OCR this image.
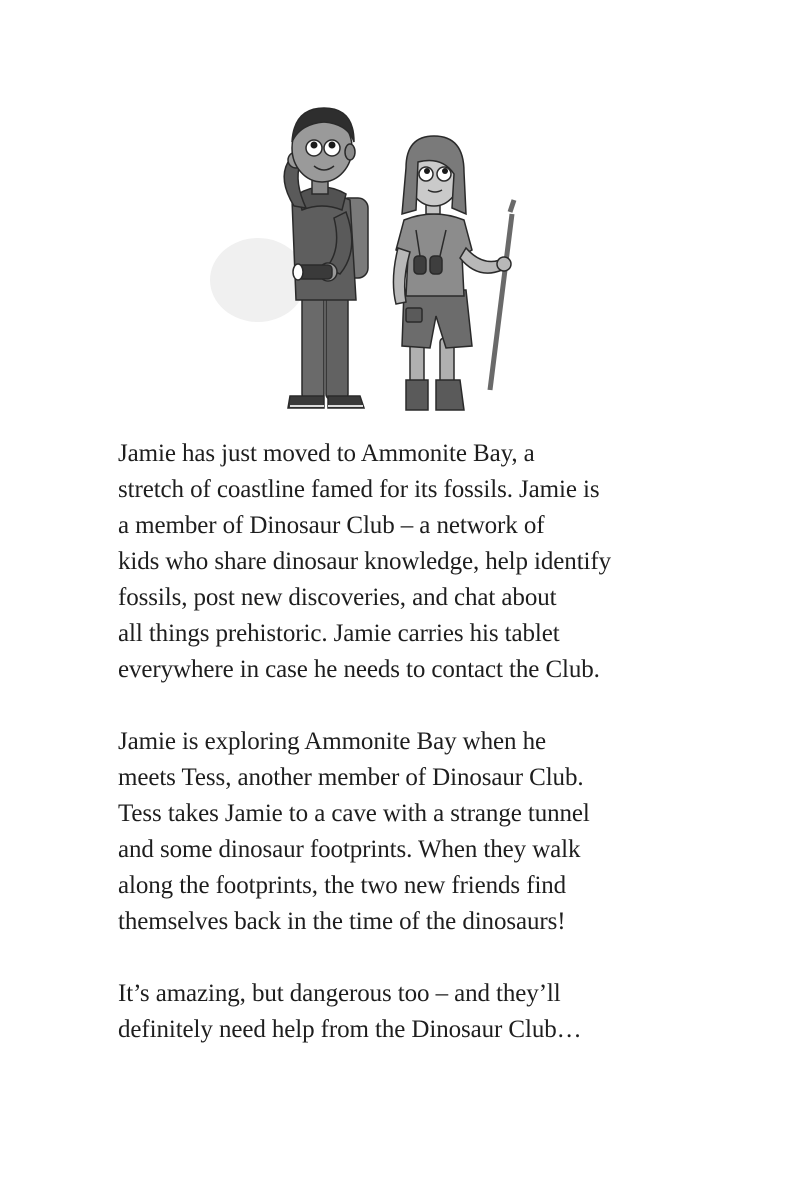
Jamie has just moved to Ammonite Bay, a
stretch of coastline famed for its fossils. Jamie is
a member of Dinosaur Club – a network of
kids who share dinosaur knowledge, help identify
fossils, post new discoveries, and chat about
all things prehistoric. Jamie carries his tablet
everywhere in case he needs to contact the Club.

Jamie is exploring Ammonite Bay when he
meets Tess, another member of Dinosaur Club.
Tess takes Jamie to a cave with a strange tunnel
and some dinosaur footprints. When they walk
along the footprints, the two new friends find
themselves back in the time of the dinosaurs!

It’s amazing, but dangerous too – and they’ll
definitely need help from the Dinosaur Club…
